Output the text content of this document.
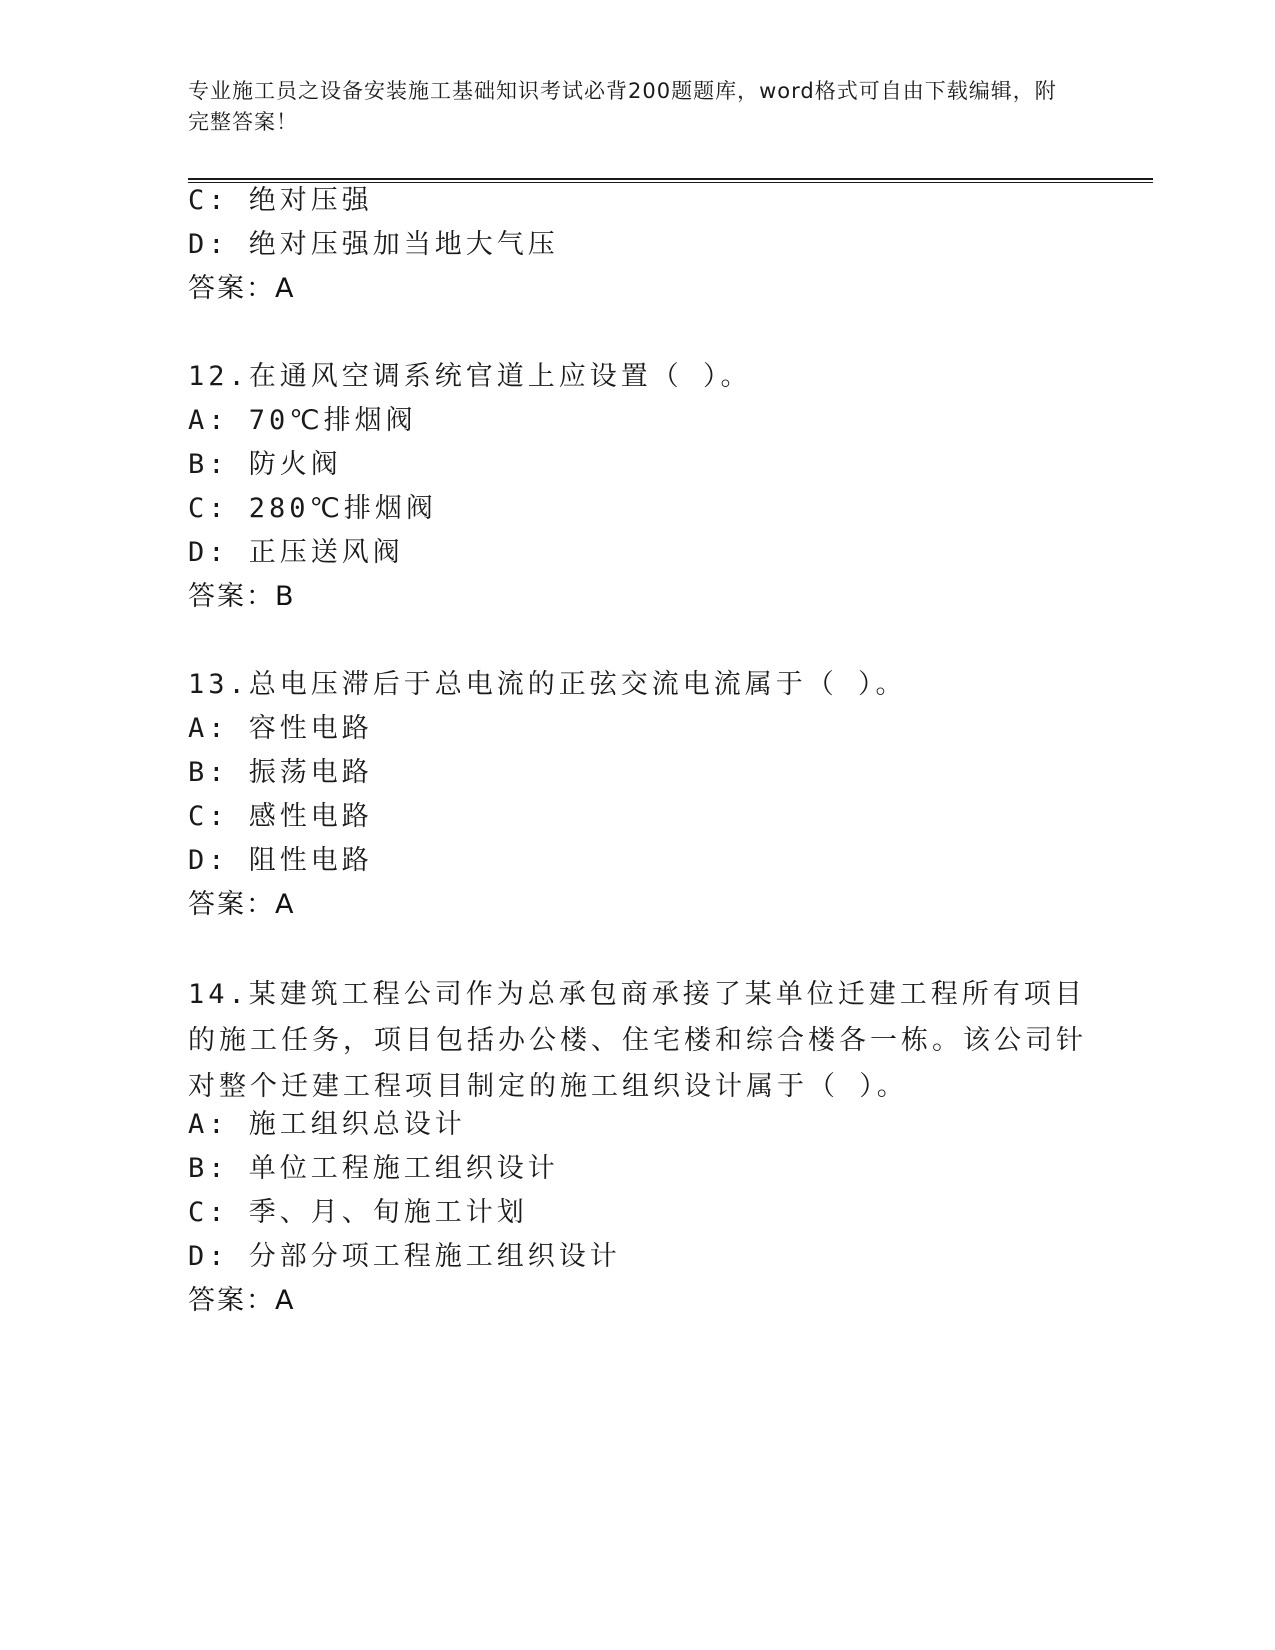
专业施工员之设备安装施工基础知识考试必背200题题库，word格式可自由下载编辑，附完整答案！
C: 绝对压强
D: 绝对压强加当地大气压
答案：A
12.在通风空调系统官道上应设置（ ）。
A: 70℃排烟阀
B: 防火阀
C: 280℃排烟阀
D: 正压送风阀
答案：B
13.总电压滞后于总电流的正弦交流电流属于（ ）。
A: 容性电路
B: 振荡电路
C: 感性电路
D: 阻性电路
答案：A
14.某建筑工程公司作为总承包商承接了某单位迁建工程所有项目的施工任务，项目包括办公楼、住宅楼和综合楼各一栋。该公司针对整个迁建工程项目制定的施工组织设计属于（ ）。
A: 施工组织总设计
B: 单位工程施工组织设计
C: 季、月、旬施工计划
D: 分部分项工程施工组织设计
答案：A
